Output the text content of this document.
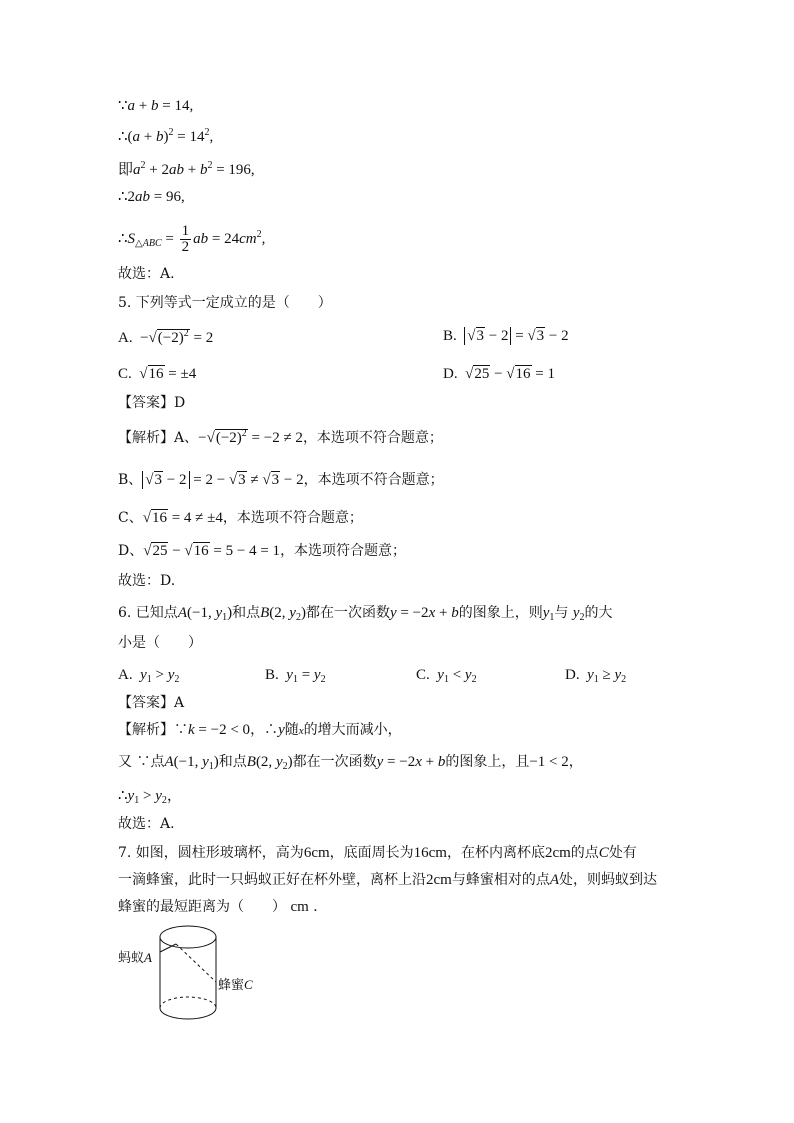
∵a + b = 14,
∴(a + $b)^2 = 14^2$,
即$a^2 + 2ab + b^2 = 196$,
∴2ab = 96,
$\therefore S_{\triangle ABC} = \frac{1}{2}$ ab = $24cm^2$,
故选：A.
5. 下列等式一定成立的是（　　）
A.  $-√(-2)^2 = 2$	B. √3 − 2 = √3 − 2
C.  √16 = ±4	D.  √25 − √16 = 1
【答案】D
【解析】A、$-√(-2)^2 = -2 \ne 2$，本选项不符合题意；
B、 √3 − 2 = 2 − √3 ≠ √3 − 2，本选项不符合题意；
C、√16 = 4 ≠ ±4，本选项不符合题意；
D、√25 − √16 = 5 − 4 = 1，本选项符合题意；
故选：D.
6. 已知点A(−1, $y_1$)和点B(2, $y_2$)都在一次函数y = −2x + b的图象上，则$y_1$与 $y_2$的大
小是（　　）
A. $y_1 > y_2$	B. $y_1 = y_2$	C. $y_1 < y_2$	D. $y_1 \ge y_2$
【答案】A
【解析】∵k = −2 < 0，∴y随x的增大而减小，
又 ∵点A(−1, $y_1$)和点B(2, $y_2$)都在一次函数y = −2x + b的图象上，且−1 < 2，
$\therefore y_1 > y_2$，
故选：A.
7. 如图，圆柱形玻璃杯，高为6cm，底面周长为16cm，在杯内离杯底2cm的点C处有
一滴蜂蜜，此时一只蚂蚁正好在杯外壁，离杯上沿2cm与蜂蜜相对的点A处，则蚂蚁到达
蜂蜜的最短距离为（　　） cm ．
蚂蚁A
蜂蜜C
